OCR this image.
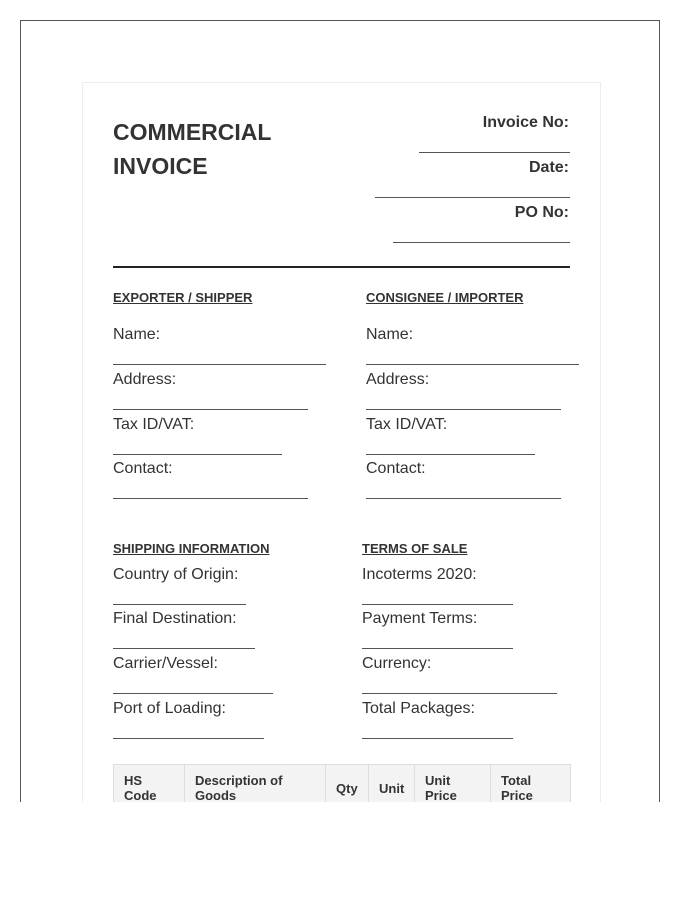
COMMERCIAL
INVOICE
Invoice No:
Date:
PO No:
EXPORTER / SHIPPER
Name:
Address:
Tax ID/VAT:
Contact:
CONSIGNEE / IMPORTER
Name:
Address:
Tax ID/VAT:
Contact:
SHIPPING INFORMATION
Country of Origin:
Final Destination:
Carrier/Vessel:
Port of Loading:
TERMS OF SALE
Incoterms 2020:
Payment Terms:
Currency:
Total Packages:
HS Code	Description of Goods	Qty	Unit	Unit Price	Total Price
